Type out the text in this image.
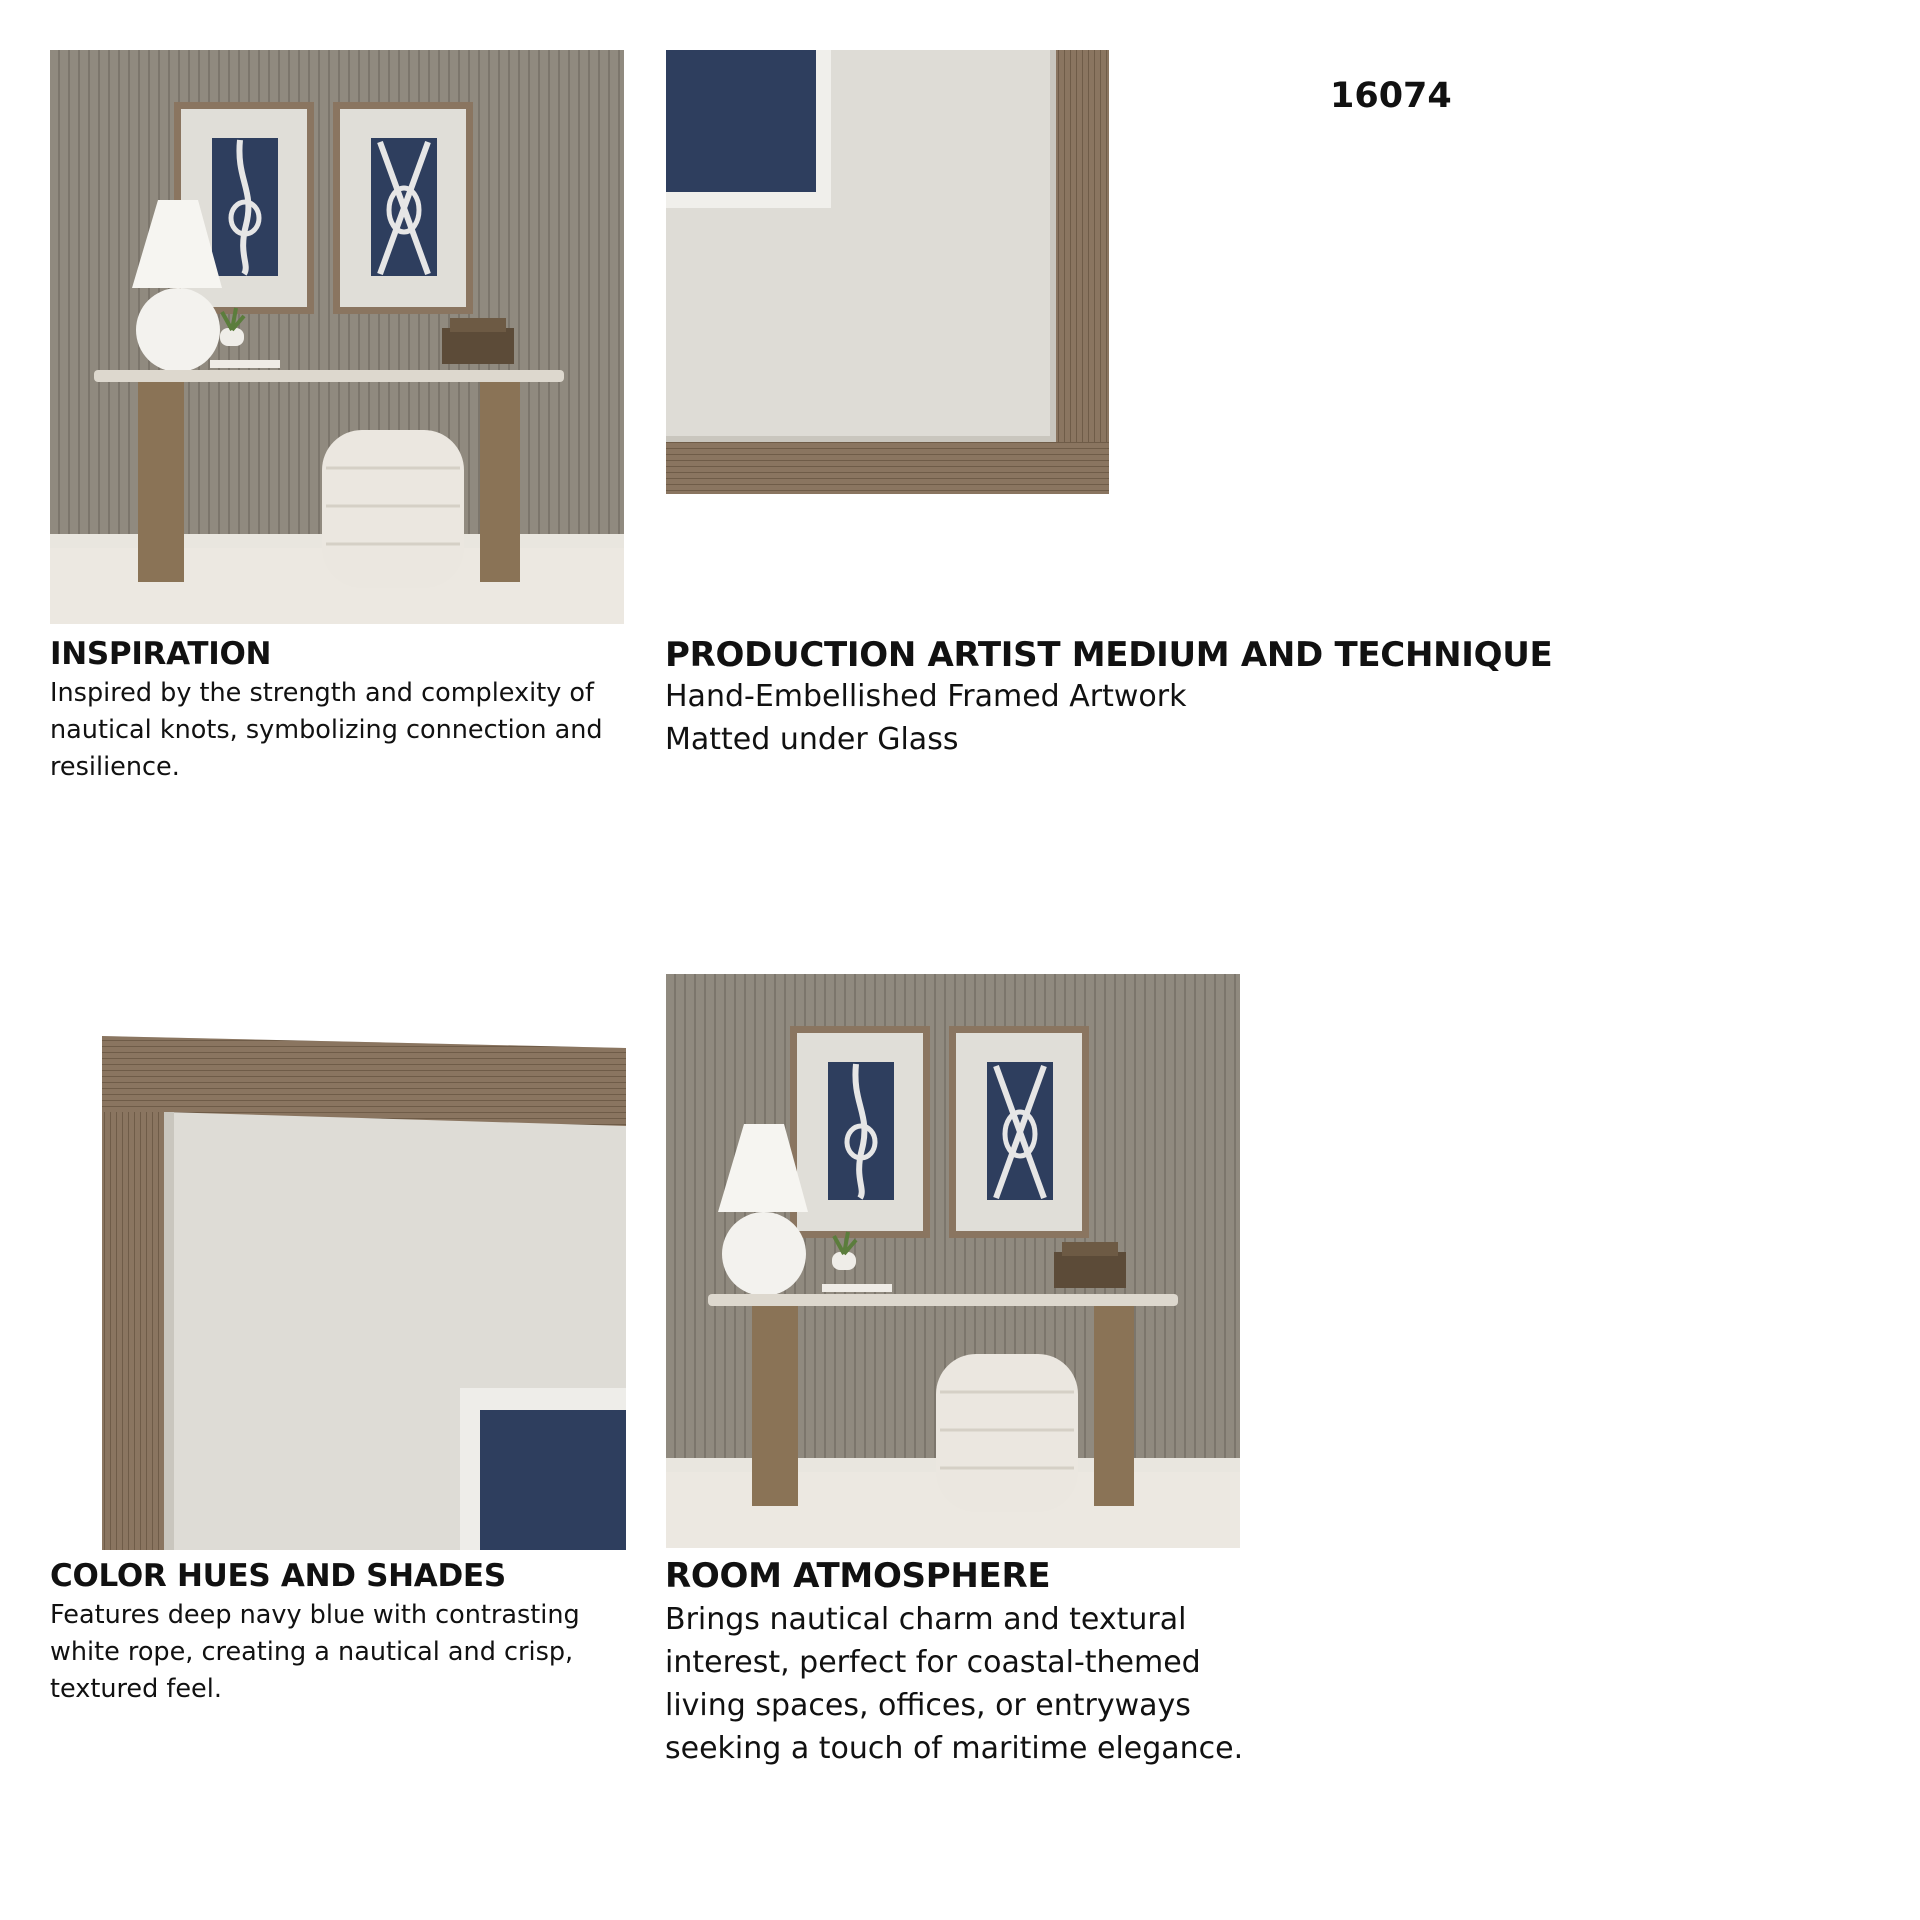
16074
INSPIRATION

Inspired by the strength and complexity of
nautical knots, symbolizing connection and
resilience.

PRODUCTION ARTIST MEDIUM AND TECHNIQUE

Hand-Embellished Framed Artwork
Matted under Glass

COLOR HUES AND SHADES

Features deep navy blue with contrasting
white rope, creating a nautical and crisp,
textured feel.

ROOM ATMOSPHERE

Brings nautical charm and textural
interest, perfect for coastal-themed
living spaces, offices, or entryways
seeking a touch of maritime elegance.
